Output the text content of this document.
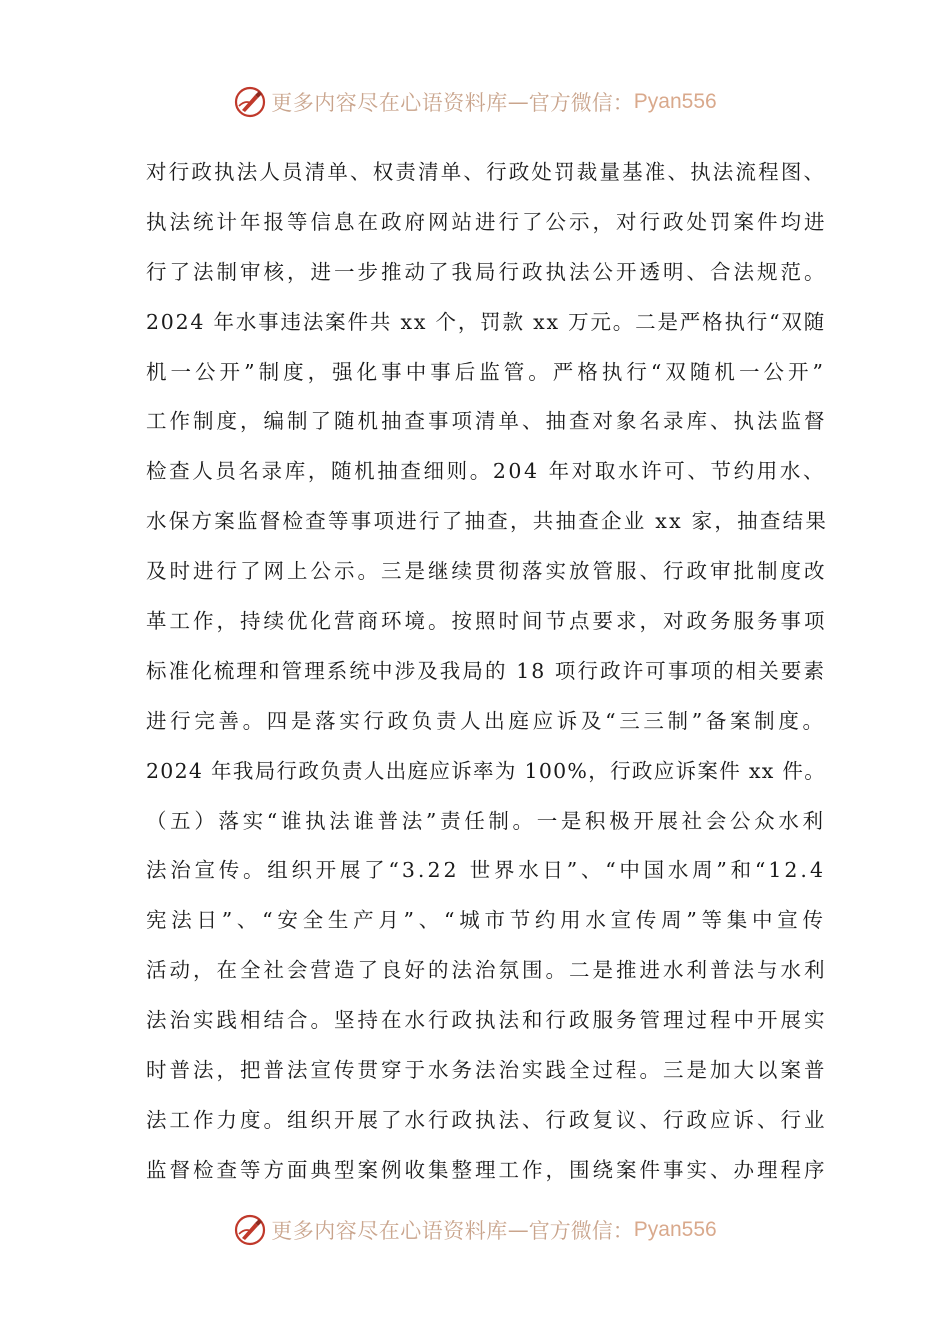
更多内容尽在心语资料库 — 官方微信： Pyan556
对行政执法人员清单、权责清单、行政处罚裁量基准、执法流程图、
执法统计年报等信息在政府网站进行了公示，对行政处罚案件均进
行了法制审核，进一步推动了我局行政执法公开透明、合法规范。
2024 年水事违法案件共 xx 个，罚款 xx 万元。二是严格执行“双随
机一公开”制度，强化事中事后监管。严格执行“双随机一公开”
工作制度，编制了随机抽查事项清单、抽查对象名录库、执法监督
检查人员名录库，随机抽查细则。204 年对取水许可、节约用水、
水保方案监督检查等事项进行了抽查，共抽查企业 xx 家，抽查结果
及时进行了网上公示。三是继续贯彻落实放管服、行政审批制度改
革工作，持续优化营商环境。按照时间节点要求，对政务服务事项
标准化梳理和管理系统中涉及我局的 18 项行政许可事项的相关要素
进行完善。四是落实行政负责人出庭应诉及“三三制”备案制度。
2024 年我局行政负责人出庭应诉率为 100%，行政应诉案件 xx 件。
（五）落实“谁执法谁普法”责任制。一是积极开展社会公众水利
法治宣传。组织开展了“3.22 世界水日”、“中国水周”和“12.4
宪法日”、“安全生产月”、“城市节约用水宣传周”等集中宣传
活动，在全社会营造了良好的法治氛围。二是推进水利普法与水利
法治实践相结合。坚持在水行政执法和行政服务管理过程中开展实
时普法，把普法宣传贯穿于水务法治实践全过程。三是加大以案普
法工作力度。组织开展了水行政执法、行政复议、行政应诉、行业
监督检查等方面典型案例收集整理工作，围绕案件事实、办理程序
更多内容尽在心语资料库 — 官方微信： Pyan556
